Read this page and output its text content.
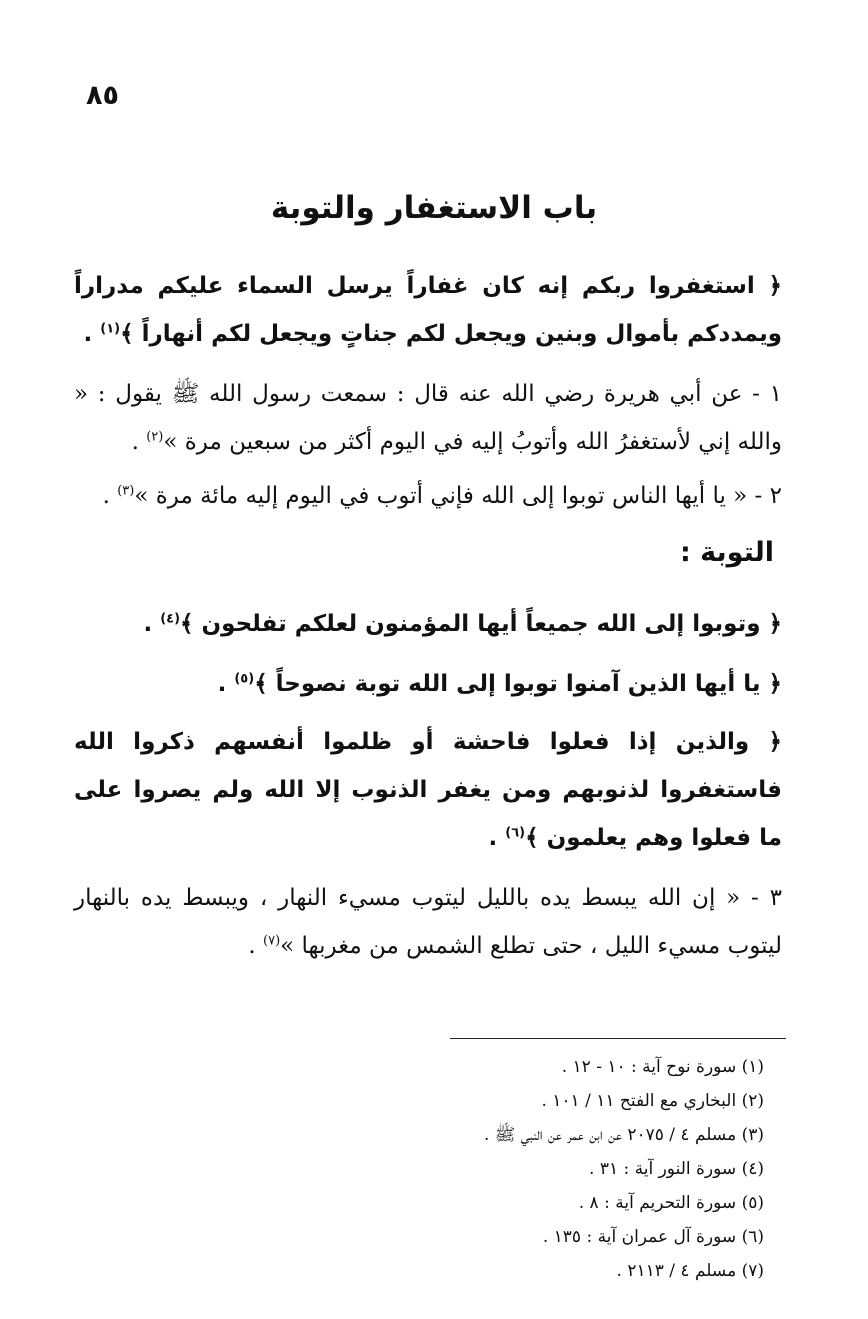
٨٥
باب الاستغفار والتوبة
﴿ استغفروا ربكم إنه كان غفاراً يرسل السماء عليكم مدراراً ويمددكم بأموال وبنين ويجعل لكم جناتٍ ويجعل لكم أنهاراً ﴾$^{(١)}$ .
١ - عن أبي هريرة رضي الله عنه قال : سمعت رسول الله ﷺ يقول : « والله إني لأستغفرُ الله وأتوبُ إليه في اليوم أكثر من سبعين مرة »$^{(٢)}$ .
٢ - « يا أيها الناس توبوا إلى الله فإني أتوب في اليوم إليه مائة مرة »$^{(٣)}$ .
التوبة :
﴿ وتوبوا إلى الله جميعاً أيها المؤمنون لعلكم تفلحون ﴾$^{(٤)}$ .
﴿ يا أيها الذين آمنوا توبوا إلى الله توبة نصوحاً ﴾$^{(٥)}$ .
﴿ والذين إذا فعلوا فاحشة أو ظلموا أنفسهم ذكروا الله فاستغفروا لذنوبهم ومن يغفر الذنوب إلا الله ولم يصروا على ما فعلوا وهم يعلمون ﴾$^{(٦)}$ .
٣ - « إن الله يبسط يده بالليل ليتوب مسيء النهار ، ويبسط يده بالنهار ليتوب مسيء الليل ، حتى تطلع الشمس من مغربها »$^{(٧)}$ .
(١) سورة نوح آية : ١٠ - ١٢ .
(٢) البخاري مع الفتح ١١ / ١٠١ .
(٣) مسلم ٤ / ٢٠٧٥ عن ابن عمر عن النبي ﷺ .
(٤) سورة النور آية : ٣١ .
(٥) سورة التحريم آية : ٨ .
(٦) سورة آل عمران آية : ١٣٥ .
(٧) مسلم ٤ / ٢١١٣ .
